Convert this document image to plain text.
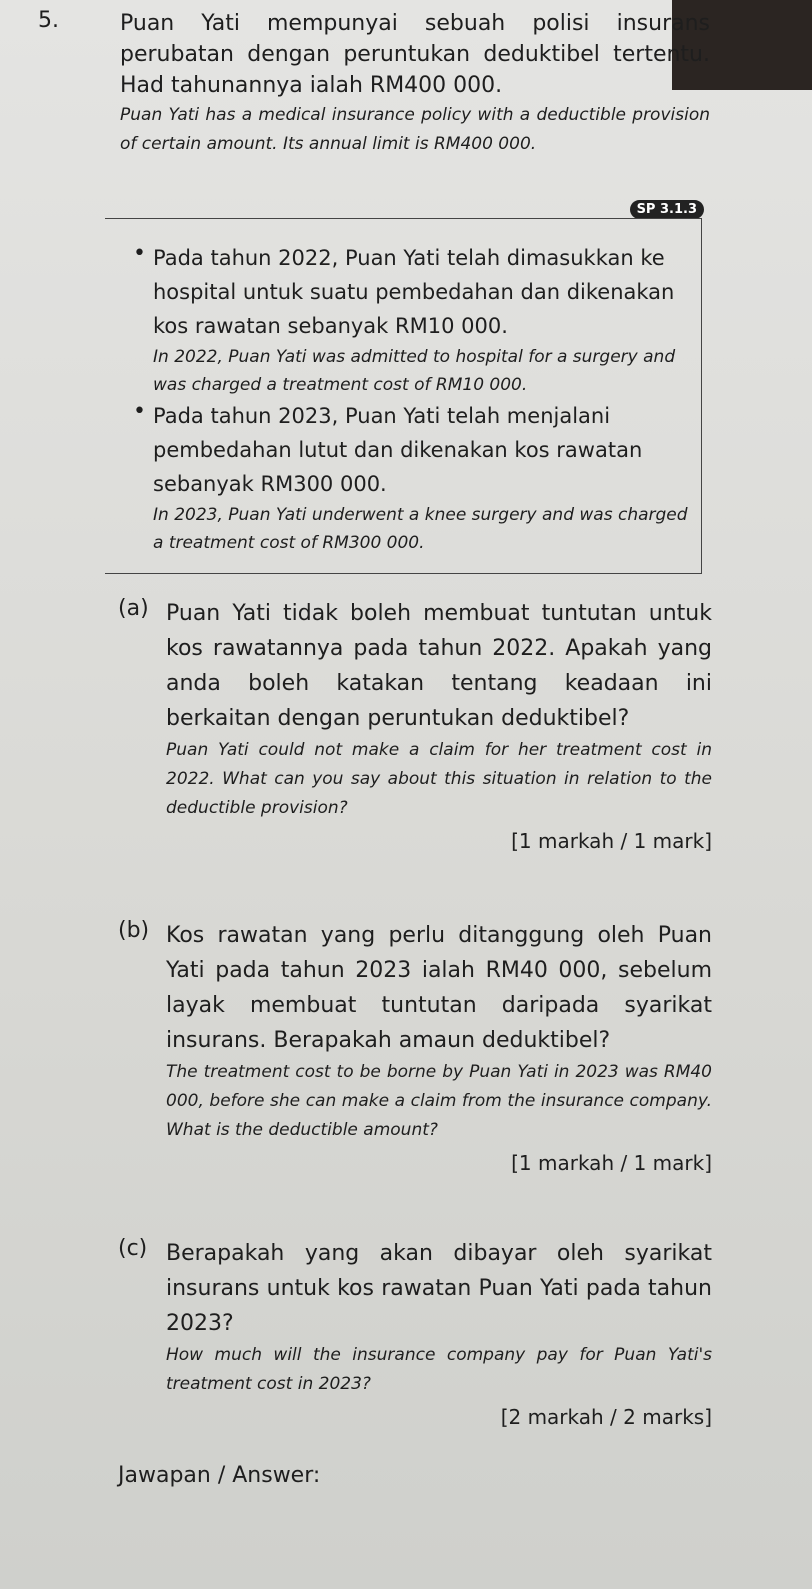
5.	Puan Yati mempunyai sebuah polisi insurans perubatan dengan peruntukan deduktibel tertentu. Had tahunannya ialah RM400 000.

Puan Yati has a medical insurance policy with a deductible provision of certain amount. Its annual limit is RM400 000.

SP 3.1.3

• Pada tahun 2022, Puan Yati telah dimasukkan ke hospital untuk suatu pembedahan dan dikenakan kos rawatan sebanyak RM10 000.

In 2022, Puan Yati was admitted to hospital for a surgery and was charged a treatment cost of RM10 000.

• Pada tahun 2023, Puan Yati telah menjalani pembedahan lutut dan dikenakan kos rawatan sebanyak RM300 000.

In 2023, Puan Yati underwent a knee surgery and was charged a treatment cost of RM300 000.

(a) Puan Yati tidak boleh membuat tuntutan untuk kos rawatannya pada tahun 2022. Apakah yang anda boleh katakan tentang keadaan ini berkaitan dengan peruntukan deduktibel?

Puan Yati could not make a claim for her treatment cost in 2022. What can you say about this situation in relation to the deductible provision?

[1 markah / 1 mark]

(b) Kos rawatan yang perlu ditanggung oleh Puan Yati pada tahun 2023 ialah RM40 000, sebelum layak membuat tuntutan daripada syarikat insurans. Berapakah amaun deduktibel?

The treatment cost to be borne by Puan Yati in 2023 was RM40 000, before she can make a claim from the insurance company. What is the deductible amount?

[1 markah / 1 mark]

(c) Berapakah yang akan dibayar oleh syarikat insurans untuk kos rawatan Puan Yati pada tahun 2023?

How much will the insurance company pay for Puan Yati's treatment cost in 2023?

[2 markah / 2 marks]

Jawapan / Answer:
